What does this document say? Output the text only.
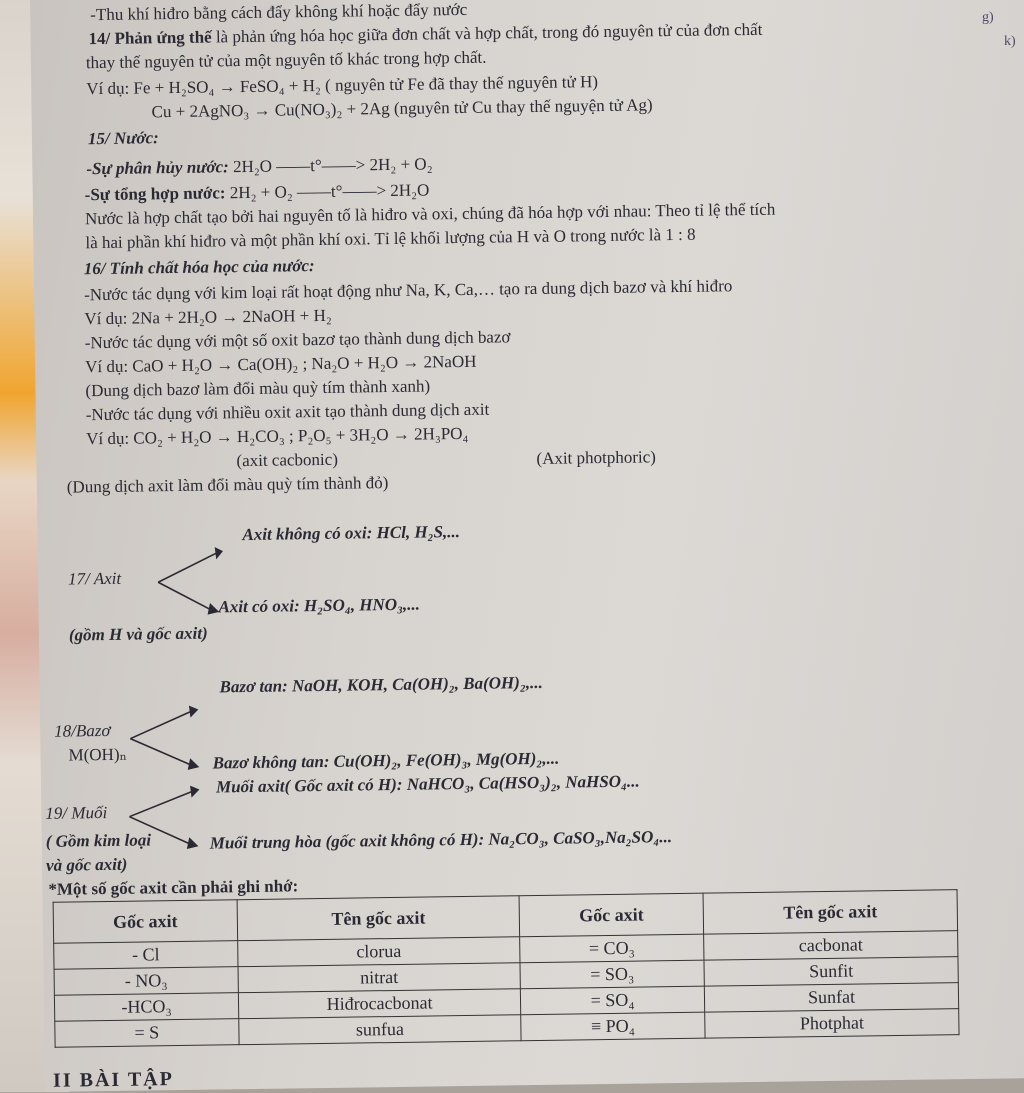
-Thu khí hiđro bằng cách đẩy không khí hoặc đẩy nước
14/ Phản ứng thế là phản ứng hóa học giữa đơn chất và hợp chất, trong đó nguyên tử của đơn chất
thay thế nguyên tử của một nguyên tố khác trong hợp chất.
Ví dụ: Fe + H₂SO₄ → FeSO₄ + H₂ ( nguyên tử Fe đã thay thế nguyên tử H)
Cu + 2AgNO₃ → Cu(NO₃)₂ + 2Ag (nguyên tử Cu thay thế nguyện tử Ag)
15/ Nước:
-Sự phân hủy nước: 2H₂O ——t°——> 2H₂ + O₂
-Sự tổng hợp nước: 2H₂ + O₂ ——t°——> 2H₂O
Nước là hợp chất tạo bởi hai nguyên tố là hiđro và oxi, chúng đã hóa hợp với nhau: Theo tỉ lệ thể tích
là hai phần khí hiđro và một phần khí oxi. Tỉ lệ khối lượng của H và O trong nước là 1 : 8
16/ Tính chất hóa học của nước:
-Nước tác dụng với kim loại rất hoạt động như Na, K, Ca,… tạo ra dung dịch bazơ và khí hiđro
Ví dụ: 2Na + 2H₂O → 2NaOH + H₂
-Nước tác dụng với một số oxit bazơ tạo thành dung dịch bazơ
Ví dụ: CaO + H₂O → Ca(OH)₂ ; Na₂O + H₂O → 2NaOH
(Dung dịch bazơ làm đổi màu quỳ tím thành xanh)
-Nước tác dụng với nhiều oxit axit tạo thành dung dịch axit
Ví dụ: CO₂ + H₂O → H₂CO₃ ; P₂O₅ + 3H₂O → 2H₃PO₄
(axit cacbonic)	(Axit photphoric)
(Dung dịch axit làm đổi màu quỳ tím thành đỏ)
Axit không có oxi: HCl, H₂S,...
17/ Axit
Axit có oxi: H₂SO₄, HNO₃,...
(gồm H và gốc axit)
Bazơ tan: NaOH, KOH, Ca(OH)₂, Ba(OH)₂,...
18/Bazơ
M(OH)ₙ	Bazơ không tan: Cu(OH)₂, Fe(OH)₃, Mg(OH)₂,...
Muối axit( Gốc axit có H): NaHCO₃, Ca(HSO₃)₂, NaHSO₄...
19/ Muối
( Gồm kim loại	Muối trung hòa (gốc axit không có H): Na₂CO₃, CaSO₃,Na₂SO₄...
và gốc axit)
*Một số gốc axit cần phải ghi nhớ:
Gốc axit	Tên gốc axit	Gốc axit	Tên gốc axit
- Cl	clorua	= CO₃	cacbonat
- NO₃	nitrat	= SO₃	Sunfit
-HCO₃	Hiđrocacbonat	= SO₄	Sunfat
= S	sunfua	≡ PO₄	Photphat
II BÀI TẬP
g)
k)
